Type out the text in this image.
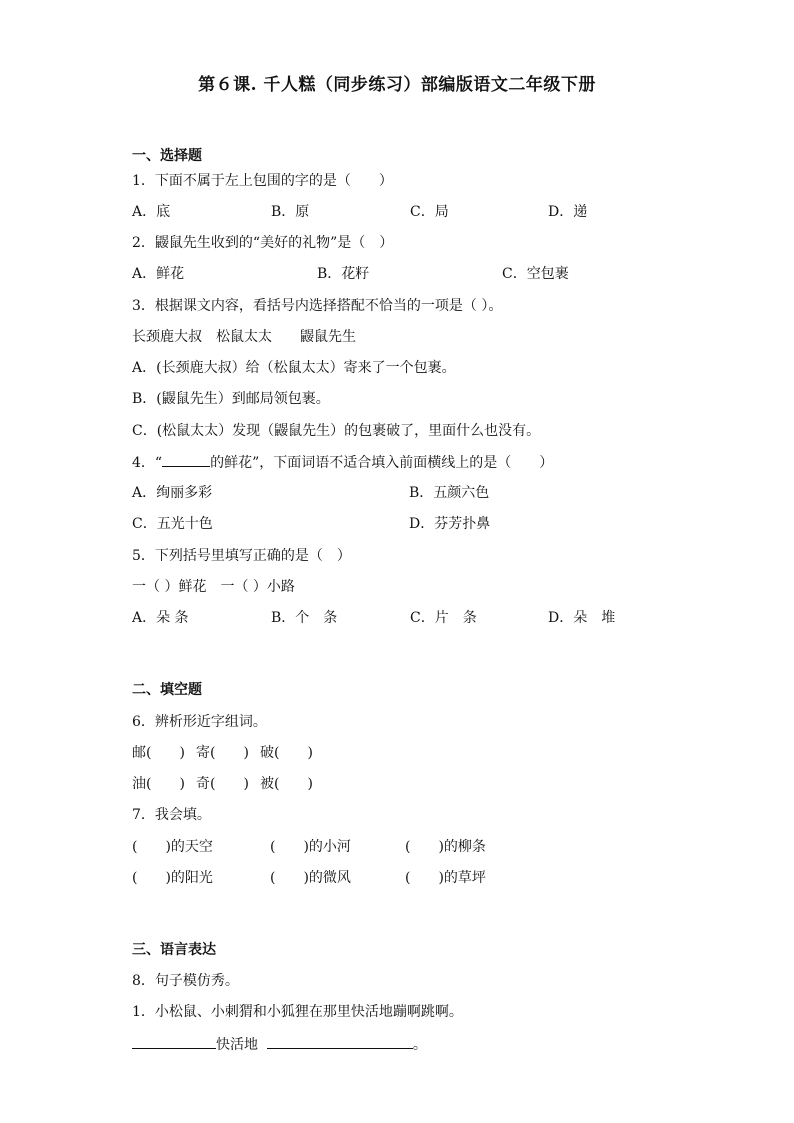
第６课. 千人糕（同步练习）部编版语文二年级下册
一、选择题
1．下面不属于左上包围的字的是（　　）
A．底	B．原	C．局	D．递
2．鼹鼠先生收到的“美好的礼物”是（　）
A．鲜花	B．花籽	C．空包裹
3．根据课文内容，看括号内选择搭配不恰当的一项是（ ）。
长颈鹿大叔　松鼠太太　　鼹鼠先生
A．(长颈鹿大叔）给（松鼠太太）寄来了一个包裹。
B．(鼹鼠先生）到邮局领包裹。
C．(松鼠太太）发现（鼹鼠先生）的包裹破了，里面什么也没有。
4．“	的鲜花”，下面词语不适合填入前面横线上的是（　　）
A．绚丽多彩	B．五颜六色
C．五光十色	D．芬芳扑鼻
5．下列括号里填写正确的是（　）
一（ ）鲜花　一（ ）小路
A．朵 条	B．个　条	C．片　条	D．朵　堆
二、填空题
6．辨析形近字组词。
邮(　　) 寄(　　) 破(　　)
油(　　) 奇(　　) 被(　　)
7．我会填。
(　　)的天空	(　　)的小河	(　　)的柳条
(　　)的阳光	(　　)的微风	(　　)的草坪
三、语言表达
8．句子模仿秀。
1．小松鼠、小刺猬和小狐狸在那里快活地蹦啊跳啊。
快活地	。
